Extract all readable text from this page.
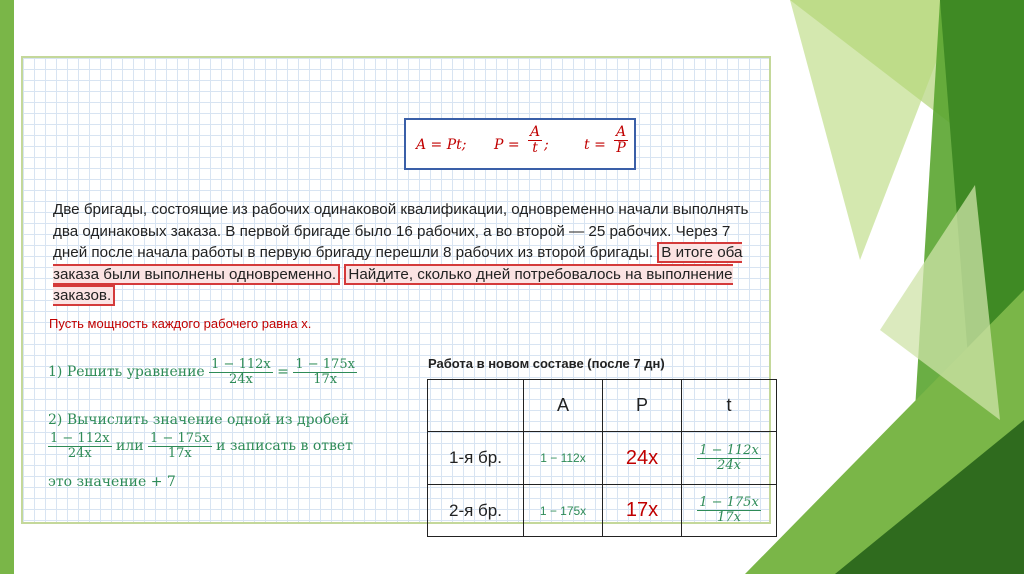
A = Pt; $P = \frac{A}{t}$ ;	$t = \frac{A}{P}$
Две бригады, состоящие из рабочих одинаковой квалификации, одновременно начали выполнять два одинаковых заказа. В первой бригаде было 16 рабочих, а во второй — 25 рабочих. Через 7 дней после начала работы в первую бригаду перешли 8 рабочих из второй бригады. В итоге оба заказа были выполнены одновременно. Найдите, сколько дней потребовалось на выполнение заказов.
Пусть мощность каждого рабочего равна x.
1) Решить уравнение $\frac{1 - 112x}{24x} = \frac{1 - 175x}{17x}$
2) Вычислить значение одной из дробей
$\frac{1 - 112x}{24x}$ или $\frac{1 - 175x}{17x}$ и записать в ответ
это значение + 7
Работа в новом составе (после 7 дн)
	A	P	t
1-я бр.	1 − 112x	24x	$\frac{1 - 112x}{24x}$

2-я бр.	1 − 175x	17x	$\frac{1 - 175x}{17x}$
